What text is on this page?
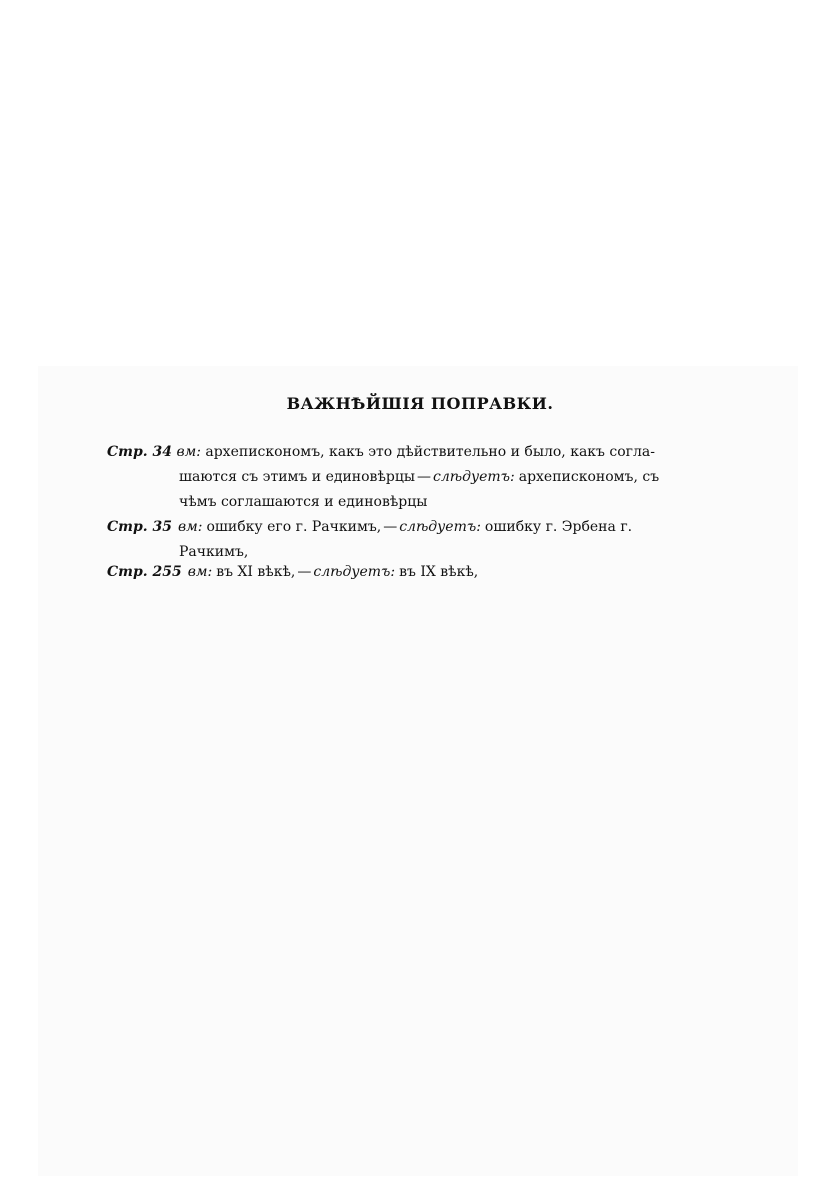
ВАЖНѢЙШІЯ ПОПРАВКИ.
Стр. 34 вм: архепискономъ, какъ это дѣйствительно и было, какъ согла-
шаются съ этимъ и единовѣрцы — слѣдуетъ: архепискономъ, съ
чѣмъ соглашаются и единовѣрцы
Стр. 35 вм: ошибку его г. Рачкимъ, — слѣдуетъ: ошибку г. Эрбена г.
Рачкимъ,
Стр. 255 вм: въ XI вѣкѣ, — слѣдуетъ: въ IX вѣкѣ,
